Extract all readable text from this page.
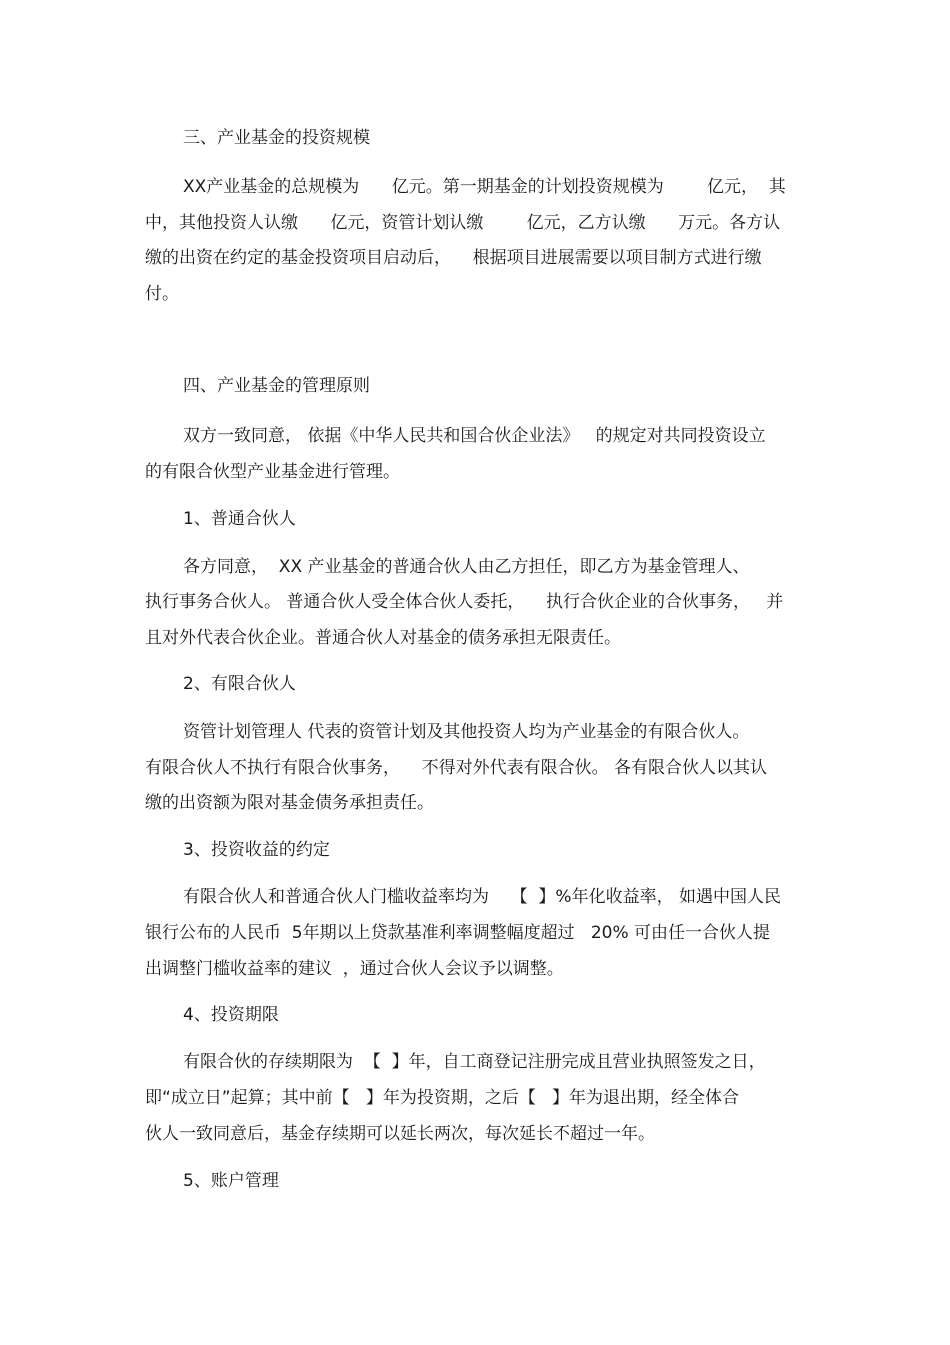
三、产业基金的投资规模
XX产业基金的总规模为      亿元。第一期基金的计划投资规模为        亿元，  其
中，其他投资人认缴      亿元，资管计划认缴        亿元，乙方认缴      万元。各方认
缴的出资在约定的基金投资项目启动后，    根据项目进展需要以项目制方式进行缴
付。
四、产业基金的管理原则
双方一致同意， 依据《中华人民共和国合伙企业法》   的规定对共同投资设立
的有限合伙型产业基金进行管理。
1、普通合伙人
各方同意，  XX 产业基金的普通合伙人由乙方担任，即乙方为基金管理人、
执行事务合伙人。 普通合伙人受全体合伙人委托，    执行合伙企业的合伙事务，   并
且对外代表合伙企业。普通合伙人对基金的债务承担无限责任。
2、有限合伙人
资管计划管理人 代表的资管计划及其他投资人均为产业基金的有限合伙人。
有限合伙人不执行有限合伙事务，    不得对外代表有限合伙。 各有限合伙人以其认
缴的出资额为限对基金债务承担责任。
3、投资收益的约定
有限合伙人和普通合伙人门槛收益率均为    【  】%年化收益率， 如遇中国人民
银行公布的人民币  5年期以上贷款基准利率调整幅度超过   20% 可由任一合伙人提
出调整门槛收益率的建议  ，通过合伙人会议予以调整。
4、投资期限
有限合伙的存续期限为  【  】年，自工商登记注册完成且营业执照签发之日，
即“成立日”起算；其中前【   】年为投资期，之后【   】年为退出期，经全体合
伙人一致同意后，基金存续期可以延长两次，每次延长不超过一年。
5、账户管理
